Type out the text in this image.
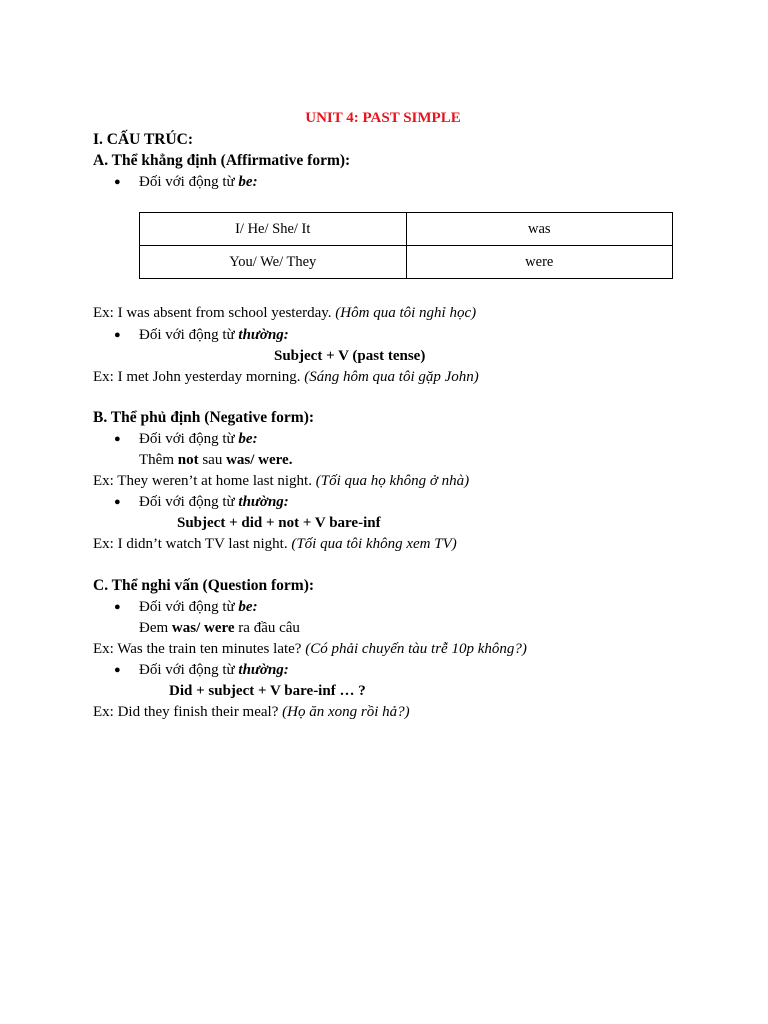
UNIT 4: PAST SIMPLE
I. CẤU TRÚC:
A. Thể khẳng định (Affirmative form):
● Đối với động từ be:
I/ He/ She/ It	was
You/ We/ They	were
Ex: I was absent from school yesterday. (Hôm qua tôi nghỉ học)
● Đối với động từ thường:
Subject + V (past tense)
Ex: I met John yesterday morning. (Sáng hôm qua tôi gặp John)
B. Thể phủ định (Negative form):
● Đối với động từ be:
Thêm not sau was/ were.
Ex: They weren’t at home last night. (Tối qua họ không ở nhà)
● Đối với động từ thường:
Subject + did + not + V bare-inf
Ex: I didn’t watch TV last night. (Tối qua tôi không xem TV)
C. Thể nghi vấn (Question form):
● Đối với động từ be:
Đem was/ were ra đầu câu
Ex: Was the train ten minutes late? (Có phải chuyến tàu trễ 10p không?)
● Đối với động từ thường:
Did + subject + V bare-inf … ?
Ex: Did they finish their meal? (Họ ăn xong rồi hả?)
